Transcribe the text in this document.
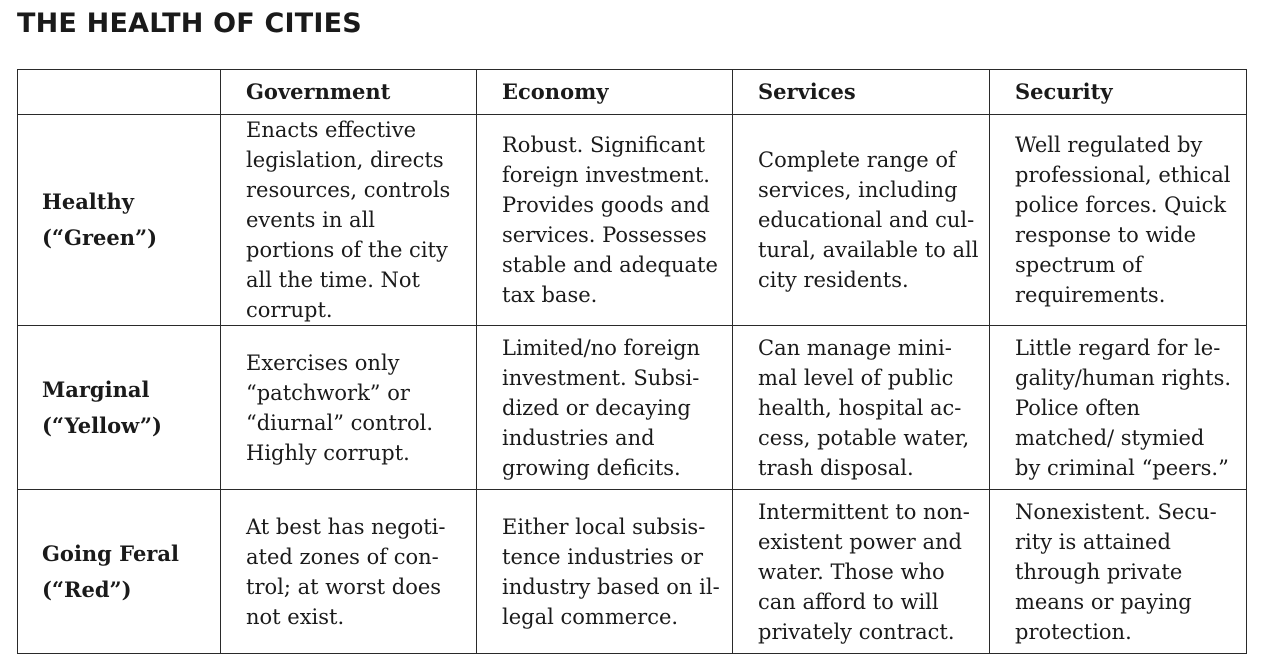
THE HEALTH OF CITIES
	Government	Economy	Services	Security

Healthy
(“Green”)	Enacts effective legislation, directs resources, controls events in all portions of the city all the time. Not corrupt.	Robust. Significant foreign investment. Provides goods and services. Possesses stable and adequate tax base.	Complete range of services, including educational and cultural, available to all city residents.	Well regulated by professional, ethical police forces. Quick response to wide spectrum of requirements.

Marginal
(“Yellow”)	Exercises only “patchwork” or “diurnal” control. Highly corrupt.	Limited/no foreign investment. Subsidized or decaying industries and growing deficits.	Can manage minimal level of public health, hospital access, potable water, trash disposal.	Little regard for legality/human rights. Police often matched/ stymied by criminal “peers.”

Going Feral
(“Red”)	At best has negotiated zones of control; at worst does not exist.	Either local subsistence industries or industry based on illegal commerce.	Intermittent to nonexistent power and water. Those who can afford to will privately contract.	Nonexistent. Security is attained through private means or paying protection.
